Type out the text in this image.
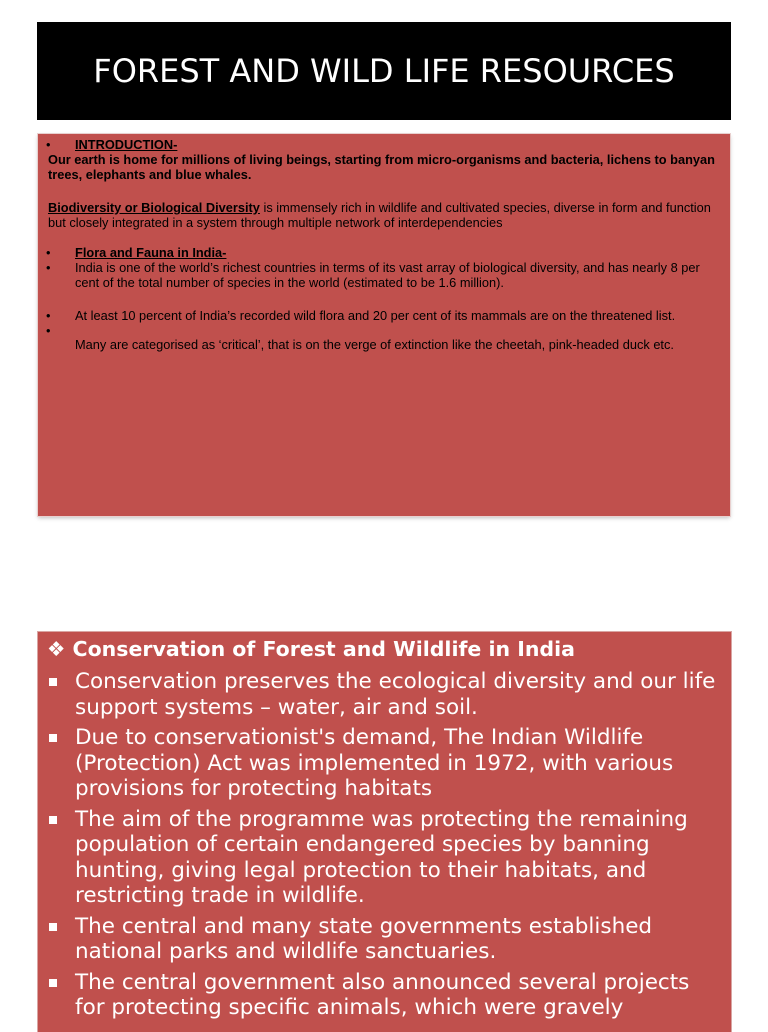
FOREST AND WILD LIFE RESOURCES
• INTRODUCTION-
Our earth is home for millions of living beings, starting from micro-organisms and bacteria, lichens to banyan trees, elephants and blue whales.
Biodiversity or Biological Diversity is immensely rich in wildlife and cultivated species, diverse in form and function but closely integrated in a system through multiple network of interdependencies
• Flora and Fauna in India-
• India is one of the world’s richest countries in terms of its vast array of biological diversity, and has nearly 8 per cent of the total number of species in the world (estimated to be 1.6 million).
• At least 10 percent of India’s recorded wild flora and 20 per cent of its mammals are on the threatened list.
•
Many are categorised as ‘critical’, that is on the verge of extinction like the cheetah, pink-headed duck etc.
❖ Conservation of Forest and Wildlife in India
Conservation preserves the ecological diversity and our life support systems – water, air and soil.
Due to conservationist's demand, The Indian Wildlife (Protection) Act was implemented in 1972, with various provisions for protecting habitats
The aim of the programme was protecting the remaining population of certain endangered species by banning hunting, giving legal protection to their habitats, and restricting trade in wildlife.
The central and many state governments established national parks and wildlife sanctuaries.
The central government also announced several projects for protecting specific animals, which were gravely
